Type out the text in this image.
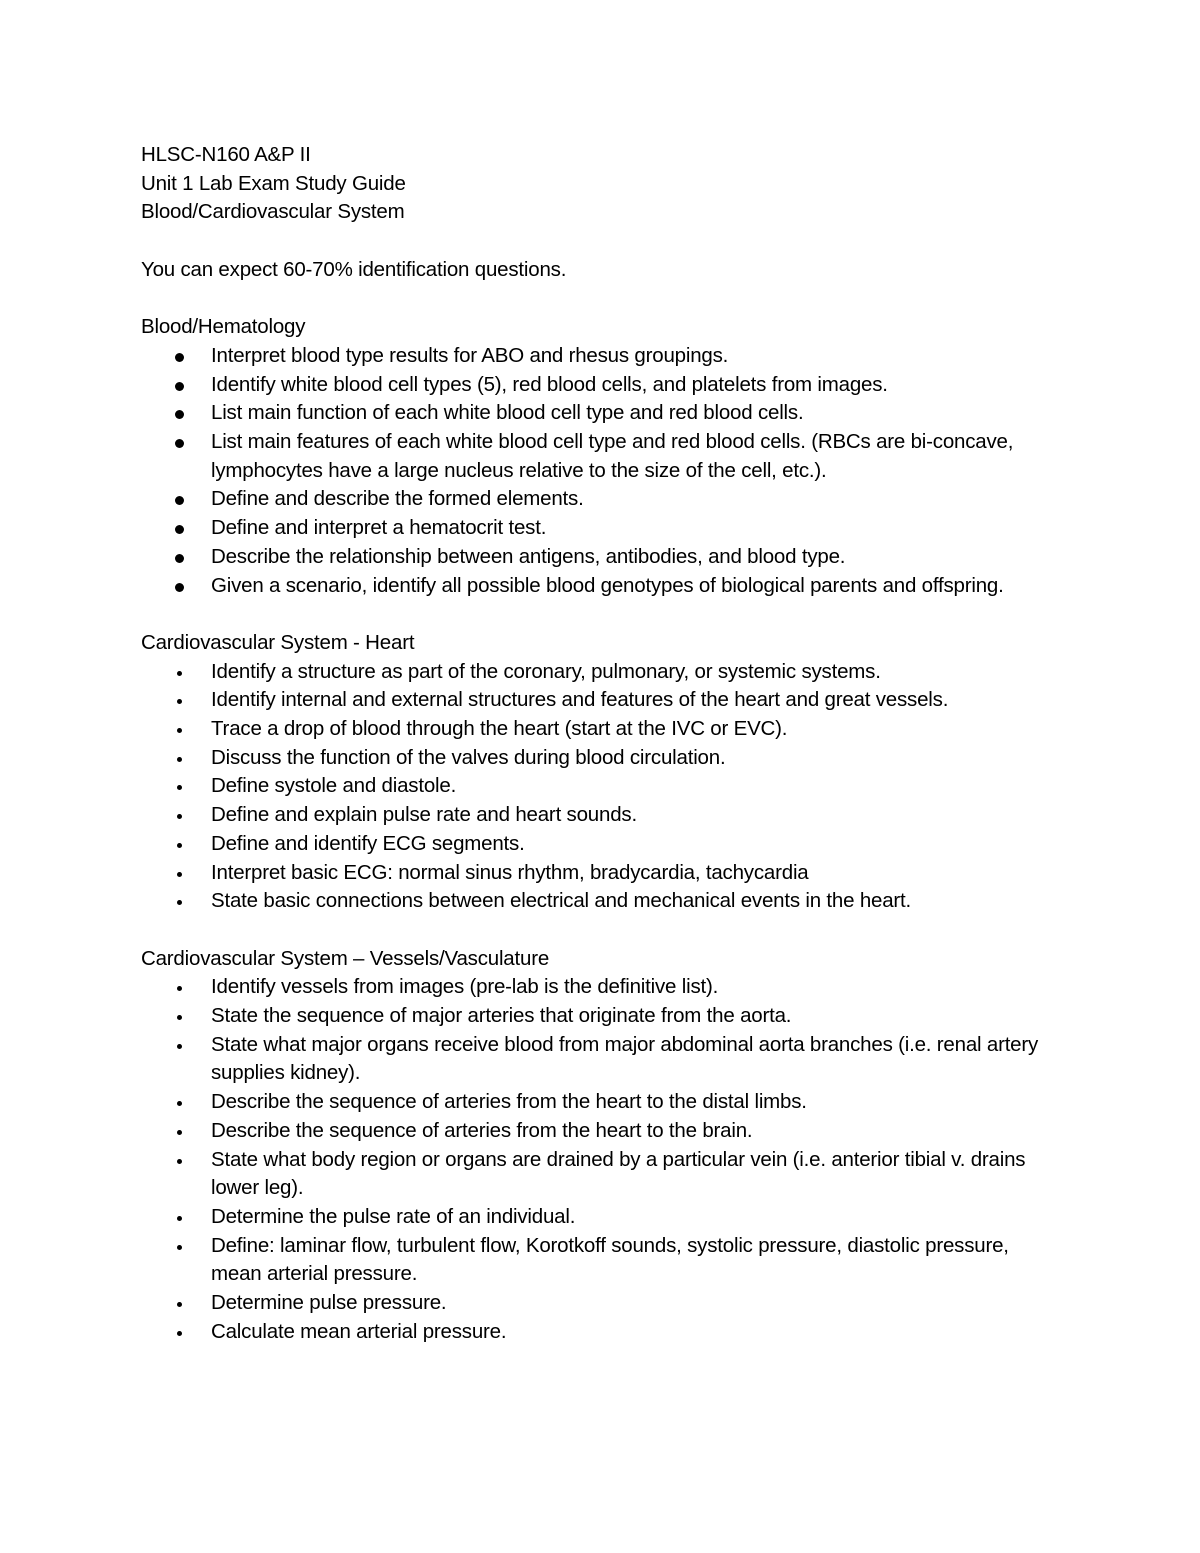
HLSC-N160 A&P II
Unit 1 Lab Exam Study Guide
Blood/Cardiovascular System
You can expect 60-70% identification questions.
Blood/Hematology
Interpret blood type results for ABO and rhesus groupings.
Identify white blood cell types (5), red blood cells, and platelets from images.
List main function of each white blood cell type and red blood cells.
List main features of each white blood cell type and red blood cells. (RBCs are bi-concave, lymphocytes have a large nucleus relative to the size of the cell, etc.).
Define and describe the formed elements.
Define and interpret a hematocrit test.
Describe the relationship between antigens, antibodies, and blood type.
Given a scenario, identify all possible blood genotypes of biological parents and offspring.
Cardiovascular System - Heart
Identify a structure as part of the coronary, pulmonary, or systemic systems.
Identify internal and external structures and features of the heart and great vessels.
Trace a drop of blood through the heart (start at the IVC or EVC).
Discuss the function of the valves during blood circulation.
Define systole and diastole.
Define and explain pulse rate and heart sounds.
Define and identify ECG segments.
Interpret basic ECG: normal sinus rhythm, bradycardia, tachycardia
State basic connections between electrical and mechanical events in the heart.
Cardiovascular System – Vessels/Vasculature
Identify vessels from images (pre-lab is the definitive list).
State the sequence of major arteries that originate from the aorta.
State what major organs receive blood from major abdominal aorta branches (i.e. renal artery supplies kidney).
Describe the sequence of arteries from the heart to the distal limbs.
Describe the sequence of arteries from the heart to the brain.
State what body region or organs are drained by a particular vein (i.e. anterior tibial v. drains lower leg).
Determine the pulse rate of an individual.
Define: laminar flow, turbulent flow, Korotkoff sounds, systolic pressure, diastolic pressure, mean arterial pressure.
Determine pulse pressure.
Calculate mean arterial pressure.
